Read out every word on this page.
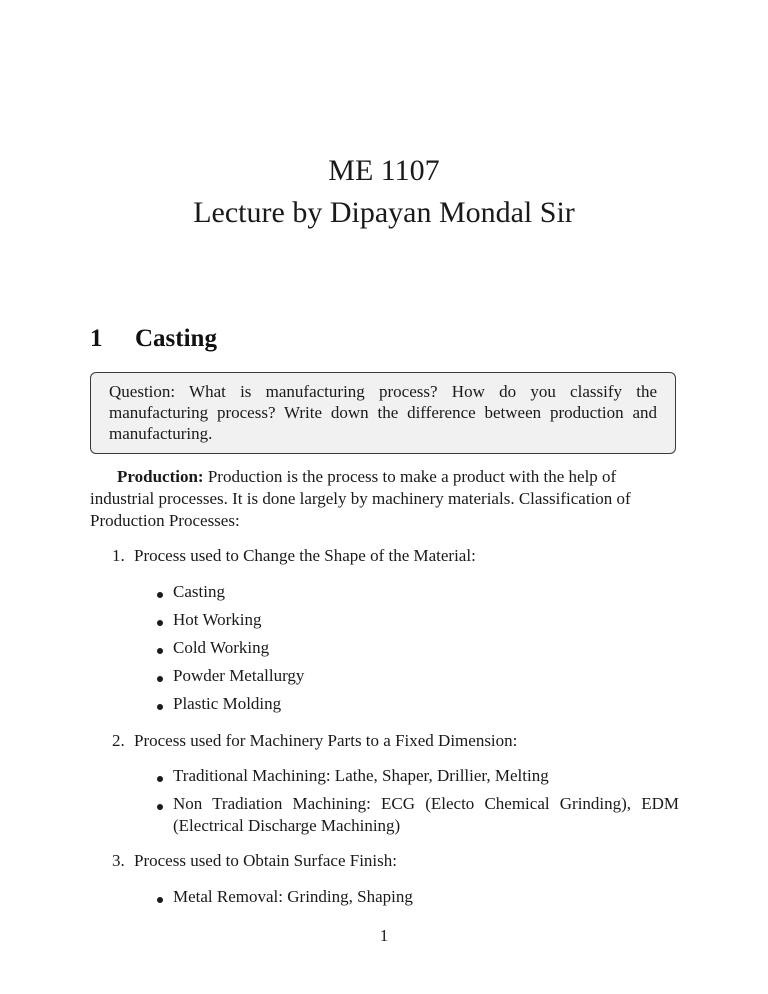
ME 1107
Lecture by Dipayan Mondal Sir
1 Casting
Question: What is manufacturing process? How do you classify the manufacturing process? Write down the difference between production and manufacturing.
Production: Production is the process to make a product with the help of industrial processes. It is done largely by machinery materials. Classification of Production Processes:
1. Process used to Change the Shape of the Material:
Casting
Hot Working
Cold Working
Powder Metallurgy
Plastic Molding
2. Process used for Machinery Parts to a Fixed Dimension:
Traditional Machining: Lathe, Shaper, Drillier, Melting
Non Tradiation Machining: ECG (Electo Chemical Grinding), EDM (Electrical Discharge Machining)
3. Process used to Obtain Surface Finish:
Metal Removal: Grinding, Shaping
1
